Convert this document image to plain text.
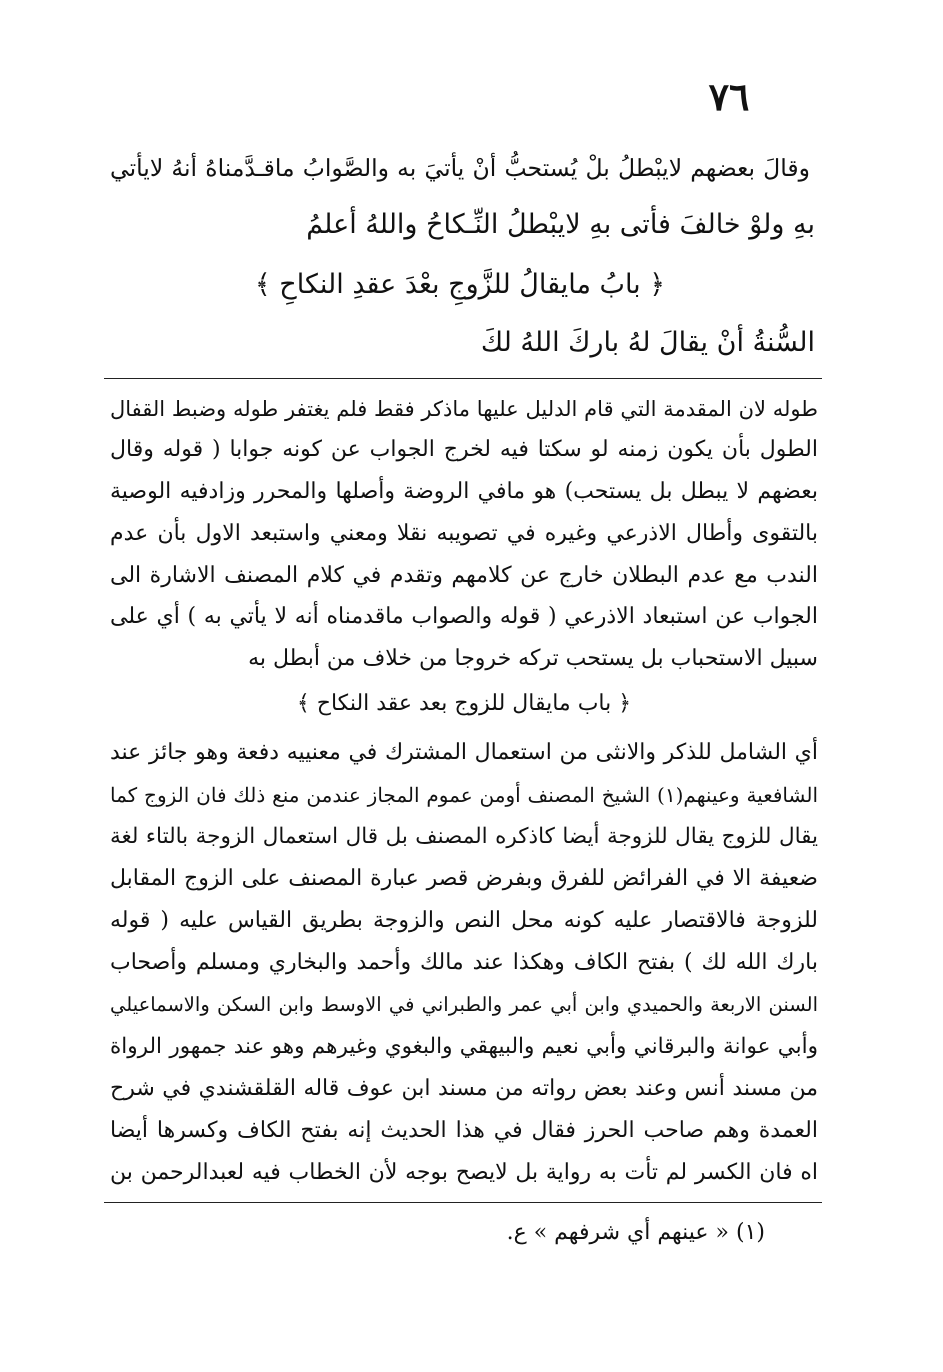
٧٦
وقالَ بعضهم لايبْطلُ بلْ يُستحبُّ أنْ يأتيَ به والصَّوابُ ماقـدَّمناهُ أنهُ لايأتي
بهِ ولوْ خالفَ فأتى بهِ لايبْطلُ النِّـكاحُ واللهُ أعلمُ
﴿ بابُ مايقالُ للزَّوجِ بعْدَ عقدِ النكاحِ ﴾
السُّنةُ أنْ يقالَ لهُ باركَ اللهُ لكَ
طوله لان المقدمة التي قام الدليل عليها ماذكر فقط فلم يغتفر طوله وضبط القفال
الطول بأن يكون زمنه لو سكتا فيه لخرج الجواب عن كونه جوابا ( قوله وقال
بعضهم لا يبطل بل يستحب) هو مافي الروضة وأصلها والمحرر وزادفيه الوصية
بالتقوى وأطال الاذرعي وغيره في تصويبه نقلا ومعني واستبعد الاول بأن عدم
الندب مع عدم البطلان خارج عن كلامهم وتقدم في كلام المصنف الاشارة الى
الجواب عن استبعاد الاذرعي ( قوله والصواب ماقدمناه أنه لا يأتي به ) أي على
سبيل الاستحباب بل يستحب تركه خروجا من خلاف من أبطل به
﴿ باب مايقال للزوج بعد عقد النكاح ﴾
أي الشامل للذكر والانثى من استعمال المشترك في معنييه دفعة وهو جائز عند
الشافعية وعينهم(١) الشيخ المصنف أومن عموم المجاز عندمن منع ذلك فان الزوج كما
يقال للزوج يقال للزوجة أيضا كاذكره المصنف بل قال استعمال الزوجة بالتاء لغة
ضعيفة الا في الفرائض للفرق وبفرض قصر عبارة المصنف على الزوج المقابل
للزوجة فالاقتصار عليه كونه محل النص والزوجة بطريق القياس عليه ( قوله
بارك الله لك ) بفتح الكاف وهكذا عند مالك وأحمد والبخاري ومسلم وأصحاب
السنن الاربعة والحميدي وابن أبي عمر والطبراني في الاوسط وابن السكن والاسماعيلي
وأبي عوانة والبرقاني وأبي نعيم والبيهقي والبغوي وغيرهم وهو عند جمهور الرواة
من مسند أنس وعند بعض رواته من مسند ابن عوف قاله القلقشندي في شرح
العمدة وهم صاحب الحرز فقال في هذا الحديث إنه بفتح الكاف وكسرها أيضا
اه فان الكسر لم تأت به رواية بل لايصح بوجه لأن الخطاب فيه لعبدالرحمن بن
(١) « عينهم أي شرفهم » ع.
